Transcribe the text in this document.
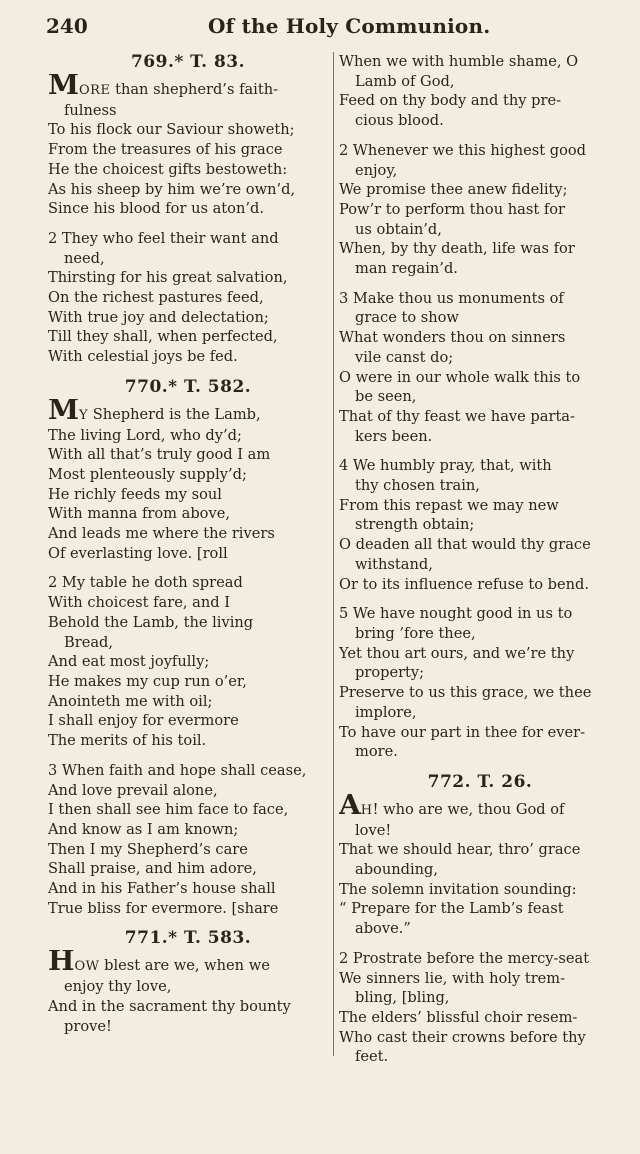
240	Of the Holy Communion.
769.* T. 83.
MORE than shepherd’s faith-
fulness
To his flock our Saviour showeth;
From the treasures of his grace
He the choicest gifts bestoweth:
As his sheep by him we’re own’d,
Since his blood for us aton’d.
2 They who feel their want and
need,
Thirsting for his great salvation,
On the richest pastures feed,
With true joy and delectation;
Till they shall, when perfected,
With celestial joys be fed.
770.* T. 582.
MY Shepherd is the Lamb,
The living Lord, who dy’d;
With all that’s truly good I am
Most plenteously supply’d;
He richly feeds my soul
With manna from above,
And leads me where the rivers
Of everlasting love. [roll
2 My table he doth spread
With choicest fare, and I
Behold the Lamb, the living
Bread,
And eat most joyfully;
He makes my cup run o’er,
Anointeth me with oil;
I shall enjoy for evermore
The merits of his toil.
3 When faith and hope shall cease,
And love prevail alone,
I then shall see him face to face,
And know as I am known;
Then I my Shepherd’s care
Shall praise, and him adore,
And in his Father’s house shall
True bliss for evermore. [share
771.* T. 583.
HOW blest are we, when we
enjoy thy love,
And in the sacrament thy bounty
prove!
When we with humble shame, O
Lamb of God,
Feed on thy body and thy pre-
cious blood.
2 Whenever we this highest good
enjoy,
We promise thee anew fidelity;
Pow’r to perform thou hast for
us obtain’d,
When, by thy death, life was for
man regain’d.
3 Make thou us monuments of
grace to show
What wonders thou on sinners
vile canst do;
O were in our whole walk this to
be seen,
That of thy feast we have parta-
kers been.
4 We humbly pray, that, with
thy chosen train,
From this repast we may new
strength obtain;
O deaden all that would thy grace
withstand,
Or to its influence refuse to bend.
5 We have nought good in us to
bring ’fore thee,
Yet thou art ours, and we’re thy
property;
Preserve to us this grace, we thee
implore,
To have our part in thee for ever-
more.
772. T. 26.
AH! who are we, thou God of
love!
That we should hear, thro’ grace
abounding,
The solemn invitation sounding:
“ Prepare for the Lamb’s feast
above.”
2 Prostrate before the mercy-seat
We sinners lie, with holy trem-
bling, [bling,
The elders’ blissful choir resem-
Who cast their crowns before thy
feet.
